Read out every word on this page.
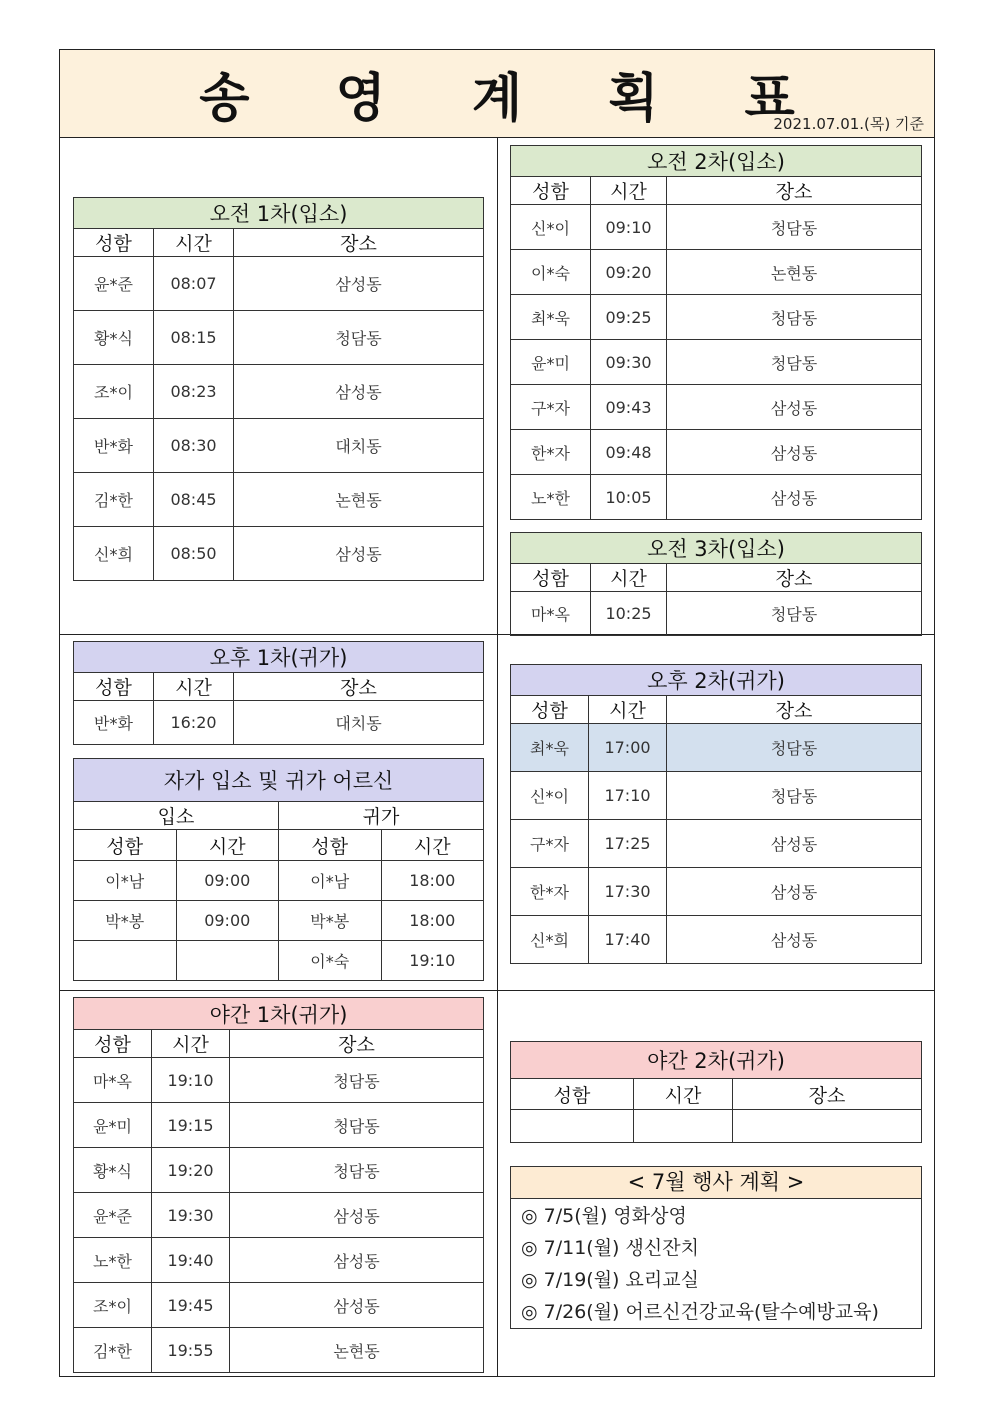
송 영 계 획 표
2021.07.01.(목) 기준
오전 1차(입소)		
성함	시간	장소
윤*준	08:07	삼성동
황*식	08:15	청담동
조*이	08:23	삼성동
반*화	08:30	대치동
김*한	08:45	논현동
신*희	08:50	삼성동
오전 2차(입소)		
성함	시간	장소
신*이	09:10	청담동
이*숙	09:20	논현동
최*욱	09:25	청담동
윤*미	09:30	청담동
구*자	09:43	삼성동
한*자	09:48	삼성동
노*한	10:05	삼성동
오전 3차(입소)		
성함	시간	장소
마*옥	10:25	청담동
오후 1차(귀가)		
성함	시간	장소
반*화	16:20	대치동
자가 입소 및 귀가 어르신			
입소		귀가	
성함	시간	성함	시간
이*남	09:00	이*남	18:00
박*봉	09:00	박*봉	18:00
		이*숙	19:10
오후 2차(귀가)		
성함	시간	장소
최*욱	17:00	청담동
신*이	17:10	청담동
구*자	17:25	삼성동
한*자	17:30	삼성동
신*희	17:40	삼성동
야간 1차(귀가)		
성함	시간	장소
마*옥	19:10	청담동
윤*미	19:15	청담동
황*식	19:20	청담동
윤*준	19:30	삼성동
노*한	19:40	삼성동
조*이	19:45	삼성동
김*한	19:55	논현동
야간 2차(귀가)		
성함	시간	장소

< 7월 행사 계획 >
◎ 7/5(월) 영화상영
◎ 7/11(월) 생신잔치
◎ 7/19(월) 요리교실
◎ 7/26(월) 어르신건강교육(탈수예방교육)
